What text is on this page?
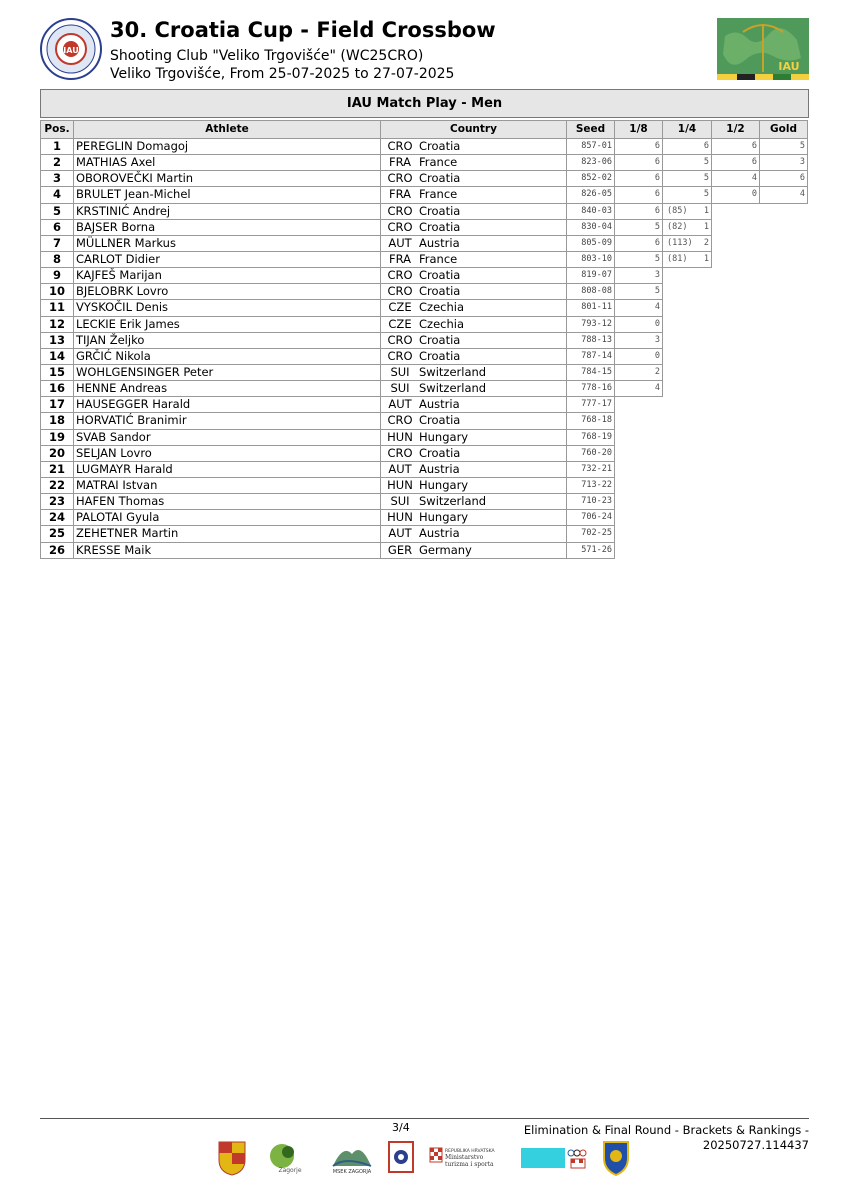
IAU
IAU
30. Croatia Cup - Field Crossbow
Shooting Club "Veliko Trgovišće" (WC25CRO)
Veliko Trgovišće, From 25-07-2025 to 27-07-2025
IAU Match Play - Men
Pos.	Athlete	Country	Seed	1/8	1/4	1/2	Gold
1	PEREGLIN Domagoj	CRO Croatia	857-01	6	6	6	5
2	MATHIAS Axel	FRA France	823-06	6	5	6	3
3	OBOROVEČKI Martin	CRO Croatia	852-02	6	5	4	6
4	BRULET Jean-Michel	FRA France	826-05	6	5	0	4
5	KRSTINIĆ Andrej	CRO Croatia	840-03	6	(85) 1		
6	BAJSER Borna	CRO Croatia	830-04	5	(82) 1		
7	MÜLLNER Markus	AUT Austria	805-09	6	(113) 2		
8	CARLOT Didier	FRA France	803-10	5	(81) 1		
9	KAJFEŠ Marijan	CRO Croatia	819-07	3			
10	BJELOBRK Lovro	CRO Croatia	808-08	5			
11	VYSKOČIL Denis	CZE Czechia	801-11	4			
12	LECKIE Erik James	CZE Czechia	793-12	0			
13	TIJAN Željko	CRO Croatia	788-13	3			
14	GRČIĆ Nikola	CRO Croatia	787-14	0			
15	WOHLGENSINGER Peter	SUI Switzerland	784-15	2			
16	HENNE Andreas	SUI Switzerland	778-16	4			
17	HAUSEGGER Harald	AUT Austria	777-17				
18	HORVATIĆ Branimir	CRO Croatia	768-18				
19	SVAB Sandor	HUN Hungary	768-19				
20	SELJAN Lovro	CRO Croatia	760-20				
21	LUGMAYR Harald	AUT Austria	732-21				
22	MATRAI Istvan	HUN Hungary	713-22				
23	HAFEN Thomas	SUI Switzerland	710-23				
24	PALOTAI Gyula	HUN Hungary	706-24				
25	ZEHETNER Martin	AUT Austria	702-25				
26	KRESSE Maik	GER Germany	571-26				
3/4	Elimination & Final Round - Brackets & Rankings -
20250727.114437
Zagorje	MSEK ZAGORJA
REPUBLIKA HRVATSKA
Ministarstvo
turizma i sporta
